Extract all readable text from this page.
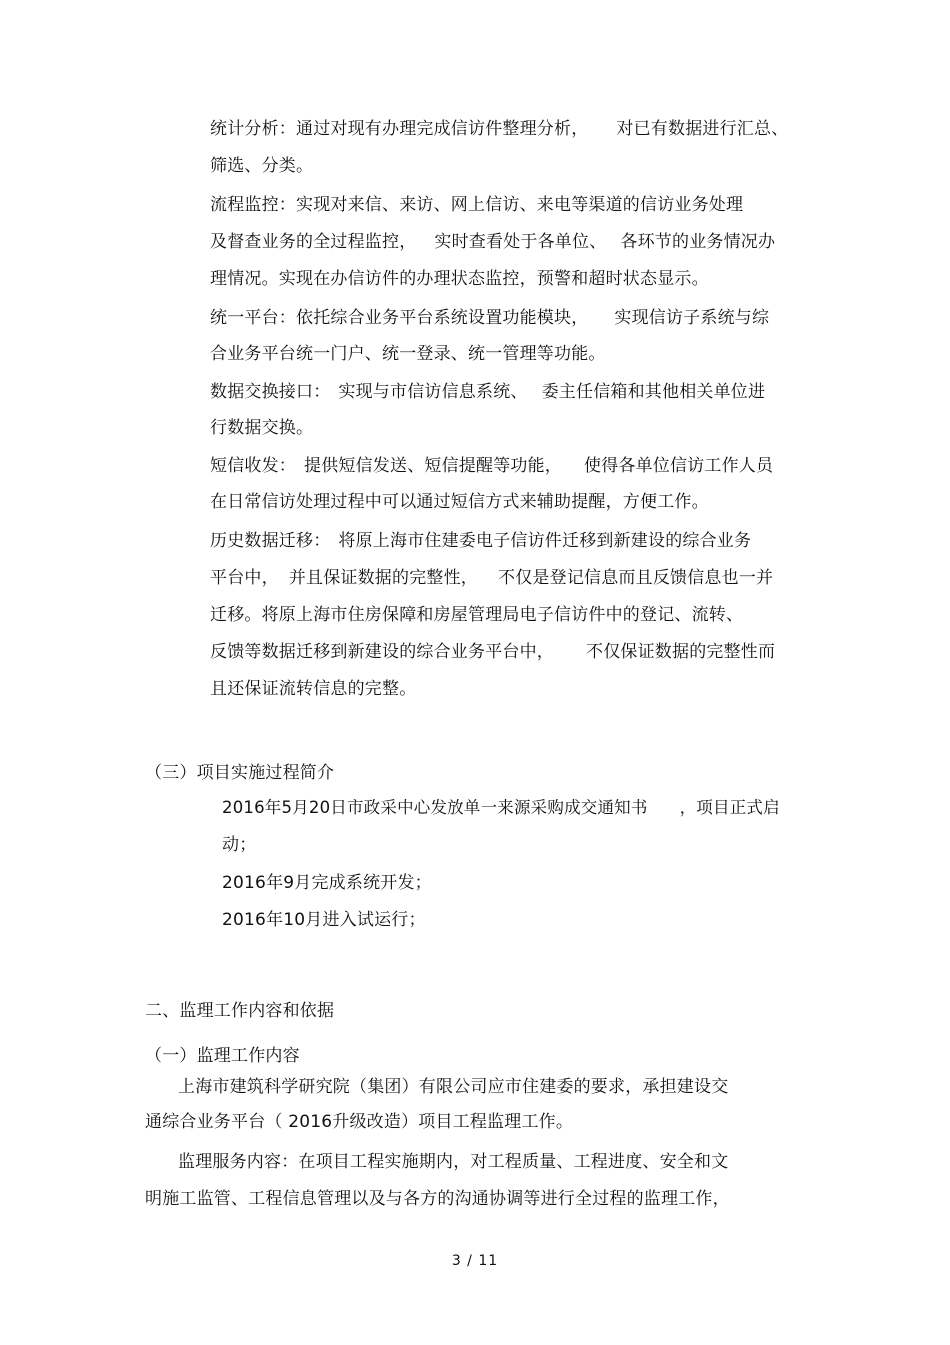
统计分析：通过对现有办理完成信访件整理分析， 对已有数据进行汇总、
筛选、分类。
流程监控：实现对来信、来访、网上信访、来电等渠道的信访业务处理
及督查业务的全过程监控， 实时查看处于各单位、 各环节的业务情况办
理情况。实现在办信访件的办理状态监控，预警和超时状态显示。
统一平台：依托综合业务平台系统设置功能模块， 实现信访子系统与综
合业务平台统一门户、统一登录、统一管理等功能。
数据交换接口： 实现与市信访信息系统、 委主任信箱和其他相关单位进
行数据交换。
短信收发： 提供短信发送、短信提醒等功能， 使得各单位信访工作人员
在日常信访处理过程中可以通过短信方式来辅助提醒，方便工作。
历史数据迁移： 将原上海市住建委电子信访件迁移到新建设的综合业务
平台中， 并且保证数据的完整性， 不仅是登记信息而且反馈信息也一并
迁移。将原上海市住房保障和房屋管理局电子信访件中的登记、流转、
反馈等数据迁移到新建设的综合业务平台中， 不仅保证数据的完整性而
且还保证流转信息的完整。
（三）项目实施过程简介
2016年5月20日市政采中心发放单一来源采购成交通知书 ，项目正式启
动；
2016年9月完成系统开发；
2016年10月进入试运行；
二、监理工作内容和依据
（一）监理工作内容
上海市建筑科学研究院（集团）有限公司应市住建委的要求，承担建设交
通综合业务平台（ 2016升级改造）项目工程监理工作。
监理服务内容：在项目工程实施期内，对工程质量、工程进度、安全和文
明施工监管、工程信息管理以及与各方的沟通协调等进行全过程的监理工作，
3 / 11
